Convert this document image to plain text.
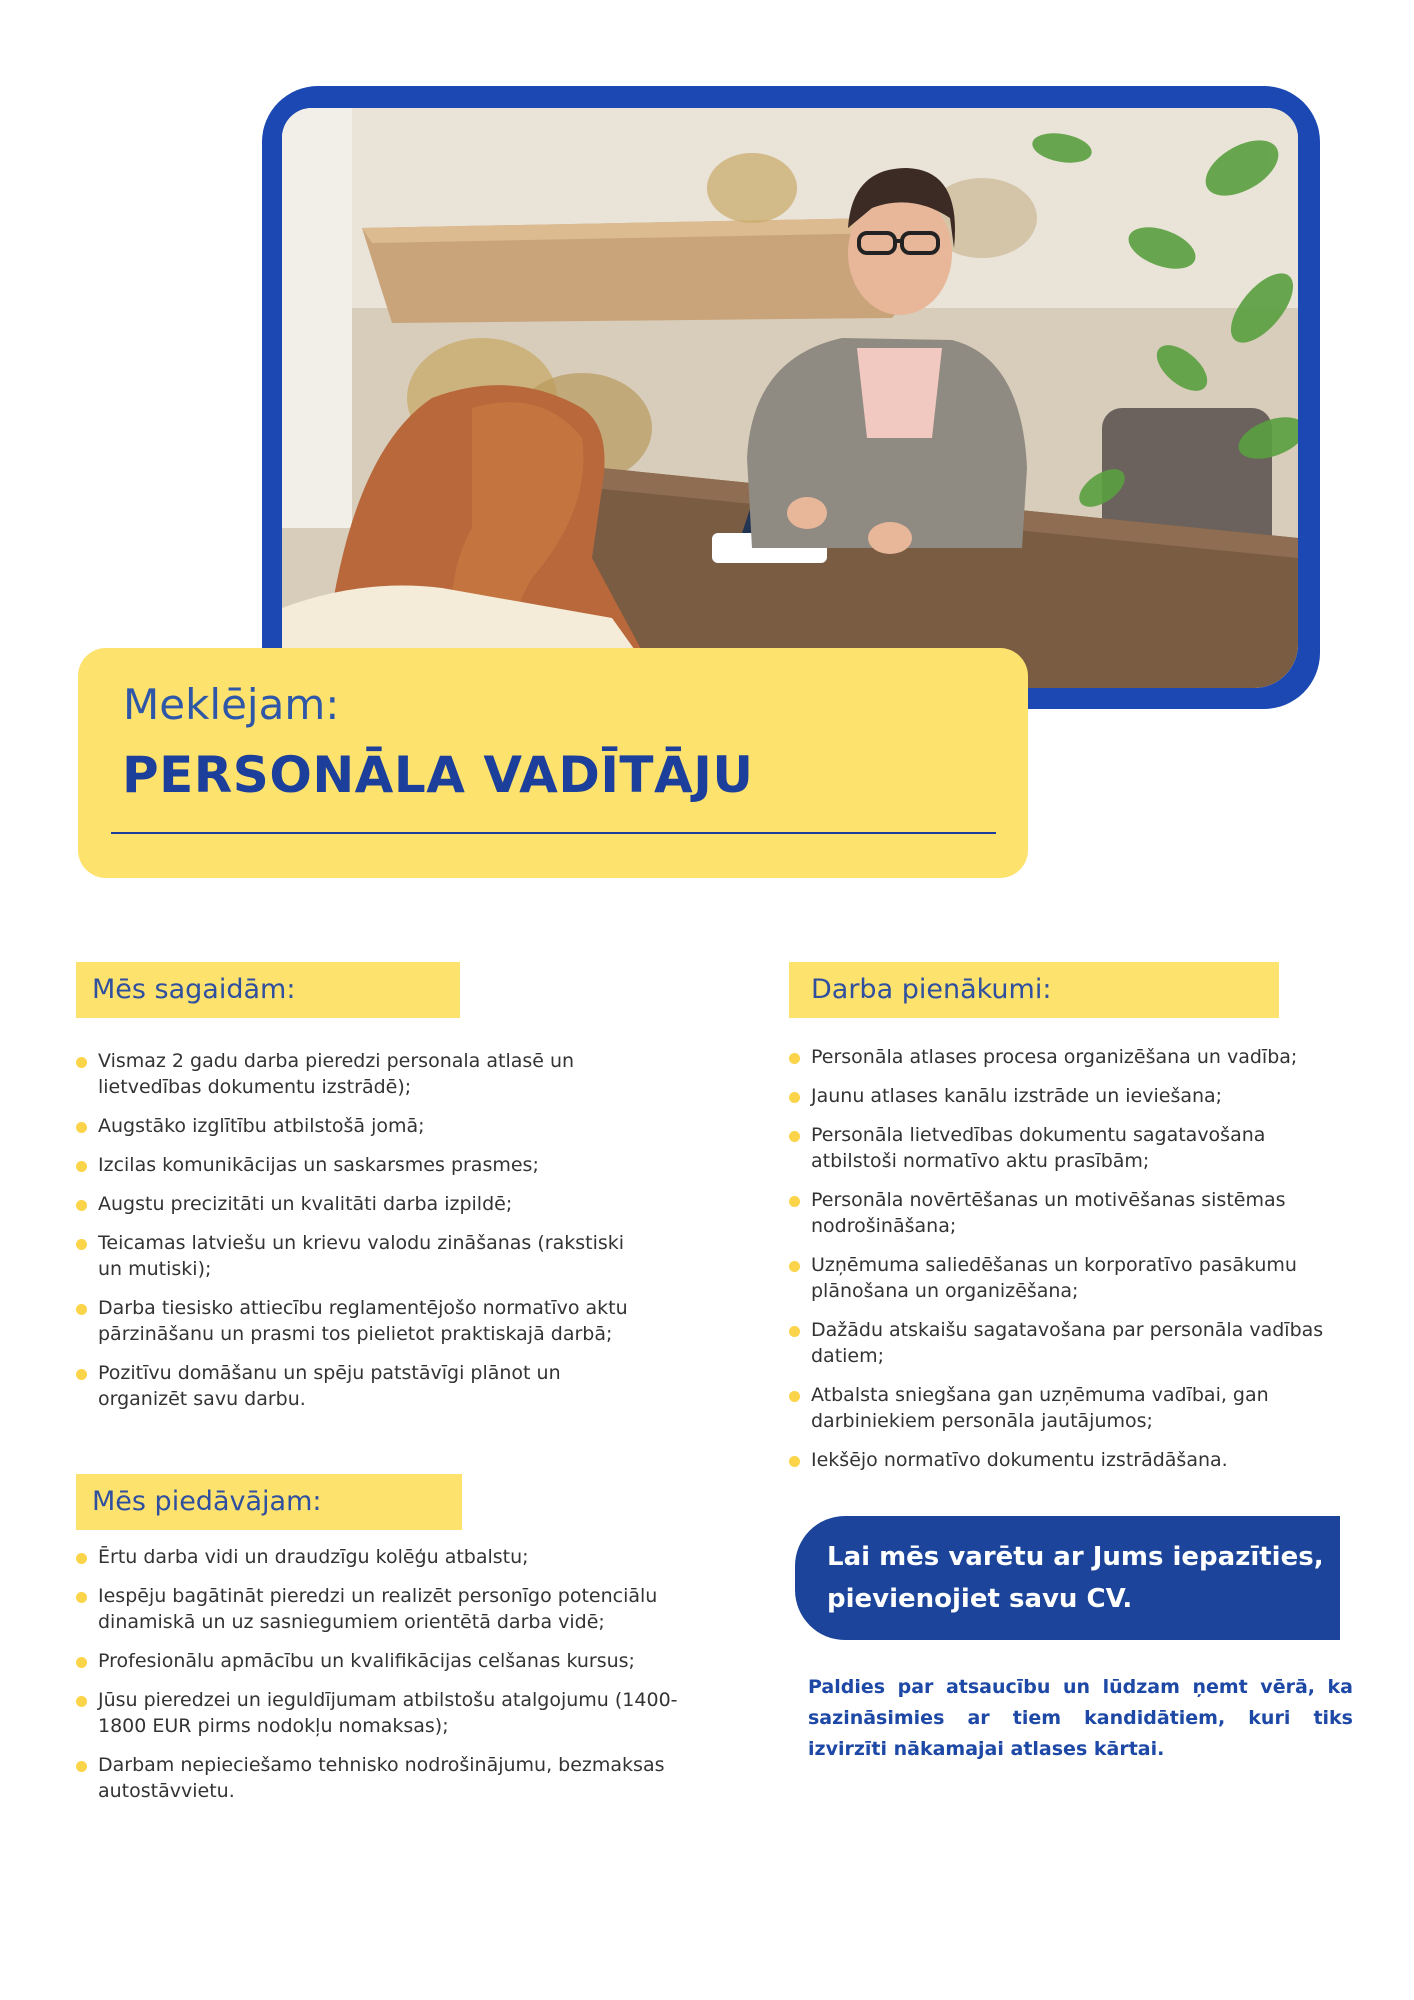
Meklējam:
PERSONĀLA VADĪTĀJU
Mēs sagaidām:
Vismaz 2 gadu darba pieredzi personala atlasē un lietvedības dokumentu izstrādē);
Augstāko izglītību atbilstošā jomā;
Izcilas komunikācijas un saskarsmes prasmes;
Augstu precizitāti un kvalitāti darba izpildē;
Teicamas latviešu un krievu valodu zināšanas (rakstiski un mutiski);
Darba tiesisko attiecību reglamentējošo normatīvo aktu pārzināšanu un prasmi tos pielietot praktiskajā darbā;
Pozitīvu domāšanu un spēju patstāvīgi plānot un organizēt savu darbu.
Darba pienākumi:
Personāla atlases procesa organizēšana un vadība;
Jaunu atlases kanālu izstrāde un ieviešana;
Personāla lietvedības dokumentu sagatavošana atbilstoši normatīvo aktu prasībām;
Personāla novērtēšanas un motivēšanas sistēmas nodrošināšana;
Uzņēmuma saliedēšanas un korporatīvo pasākumu plānošana un organizēšana;
Dažādu atskaišu sagatavošana par personāla vadības datiem;
Atbalsta sniegšana gan uzņēmuma vadībai, gan darbiniekiem personāla jautājumos;
Iekšējo normatīvo dokumentu izstrādāšana.
Mēs piedāvājam:
Ērtu darba vidi un draudzīgu kolēģu atbalstu;
Iespēju bagātināt pieredzi un realizēt personīgo potenciālu dinamiskā un uz sasniegumiem orientētā darba vidē;
Profesionālu apmācību un kvalifikācijas celšanas kursus;
Jūsu pieredzei un ieguldījumam atbilstošu atalgojumu (1400-1800 EUR pirms nodokļu nomaksas);
Darbam nepieciešamo tehnisko nodrošinājumu, bezmaksas autostāvvietu.
Lai mēs varētu ar Jums iepazīties, pievienojiet savu CV.
Paldies par atsaucību un lūdzam ņemt vērā, ka sazināsimies ar tiem kandidātiem, kuri tiks izvirzīti nākamajai atlases kārtai.
